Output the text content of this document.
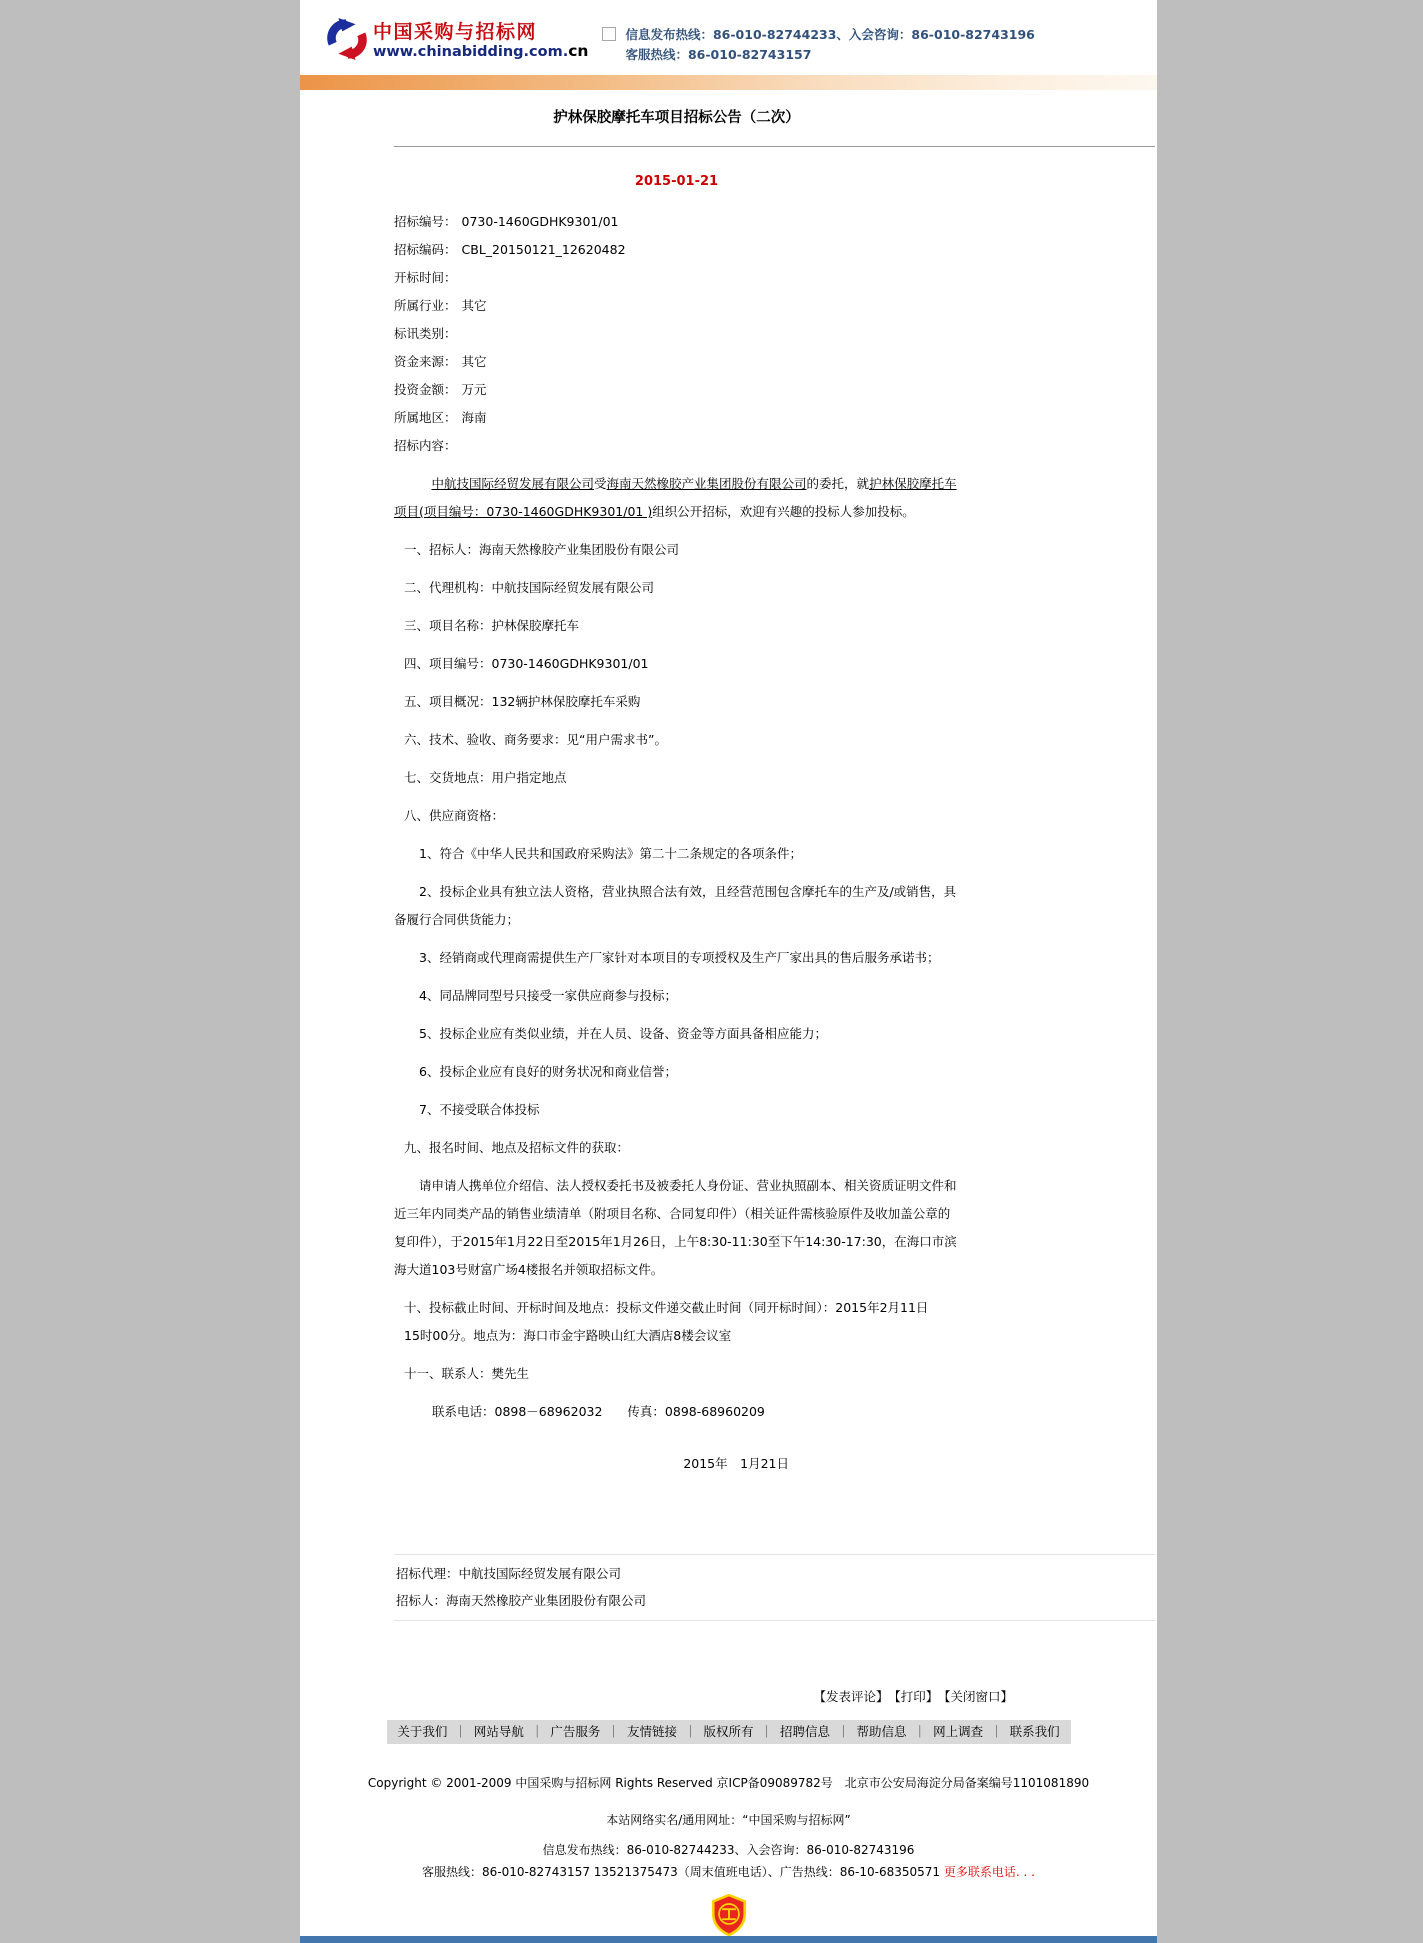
中国采购与招标网
www.chinabidding.com.cn
信息发布热线：86-010-82744233、入会咨询：86-010-82743196
客服热线：86-010-82743157
护林保胶摩托车项目招标公告（二次）
2015-01-21
招标编号： 0730-1460GDHK9301/01
招标编码： CBL_20150121_12620482
开标时间：
所属行业： 其它
标讯类别：
资金来源： 其它
投资金额： 万元
所属地区： 海南
招标内容：

中航技国际经贸发展有限公司受海南天然橡胶产业集团股份有限公司的委托，就护林保胶摩托车项目(项目编号：0730-1460GDHK9301/01 )组织公开招标，欢迎有兴趣的投标人参加投标。

一、招标人：海南天然橡胶产业集团股份有限公司
二、代理机构：中航技国际经贸发展有限公司
三、项目名称：护林保胶摩托车
四、项目编号：0730-1460GDHK9301/01
五、项目概况：132辆护林保胶摩托车采购
六、技术、验收、商务要求：见“用户需求书”。
七、交货地点：用户指定地点
八、供应商资格：
1、符合《中华人民共和国政府采购法》第二十二条规定的各项条件；
2、投标企业具有独立法人资格，营业执照合法有效，且经营范围包含摩托车的生产及/或销售，具备履行合同供货能力；
3、经销商或代理商需提供生产厂家针对本项目的专项授权及生产厂家出具的售后服务承诺书；
4、同品牌同型号只接受一家供应商参与投标；
5、投标企业应有类似业绩，并在人员、设备、资金等方面具备相应能力；
6、投标企业应有良好的财务状况和商业信誉；
7、不接受联合体投标
九、报名时间、地点及招标文件的获取：
请申请人携单位介绍信、法人授权委托书及被委托人身份证、营业执照副本、相关资质证明文件和近三年内同类产品的销售业绩清单（附项目名称、合同复印件）（相关证件需核验原件及收加盖公章的复印件），于2015年1月22日至2015年1月26日，上午8:30-11:30至下午14:30-17:30，在海口市滨海大道103号财富广场4楼报名并领取招标文件。
十、投标截止时间、开标时间及地点：投标文件递交截止时间（同开标时间）：2015年2月11日
15时00分。地点为：海口市金宇路映山红大酒店8楼会议室
十一、联系人：樊先生
联系电话：0898－68962032　　传真：0898-68960209
2015年　1月21日
招标代理：中航技国际经贸发展有限公司
招标人：海南天然橡胶产业集团股份有限公司
【发表评论】 【打印】 【关闭窗口】
关于我们 ｜ 网站导航 ｜ 广告服务 ｜ 友情链接 ｜ 版权所有 ｜ 招聘信息 ｜ 帮助信息 ｜ 网上调查 ｜ 联系我们
Copyright © 2001-2009 中国采购与招标网 Rights Reserved 京ICP备09089782号　北京市公安局海淀分局备案编号1101081890
本站网络实名/通用网址：“中国采购与招标网”
信息发布热线：86-010-82744233、入会咨询：86-010-82743196
客服热线：86-010-82743157 13521375473（周末值班电话）、广告热线：86-10-68350571 更多联系电话. . .
